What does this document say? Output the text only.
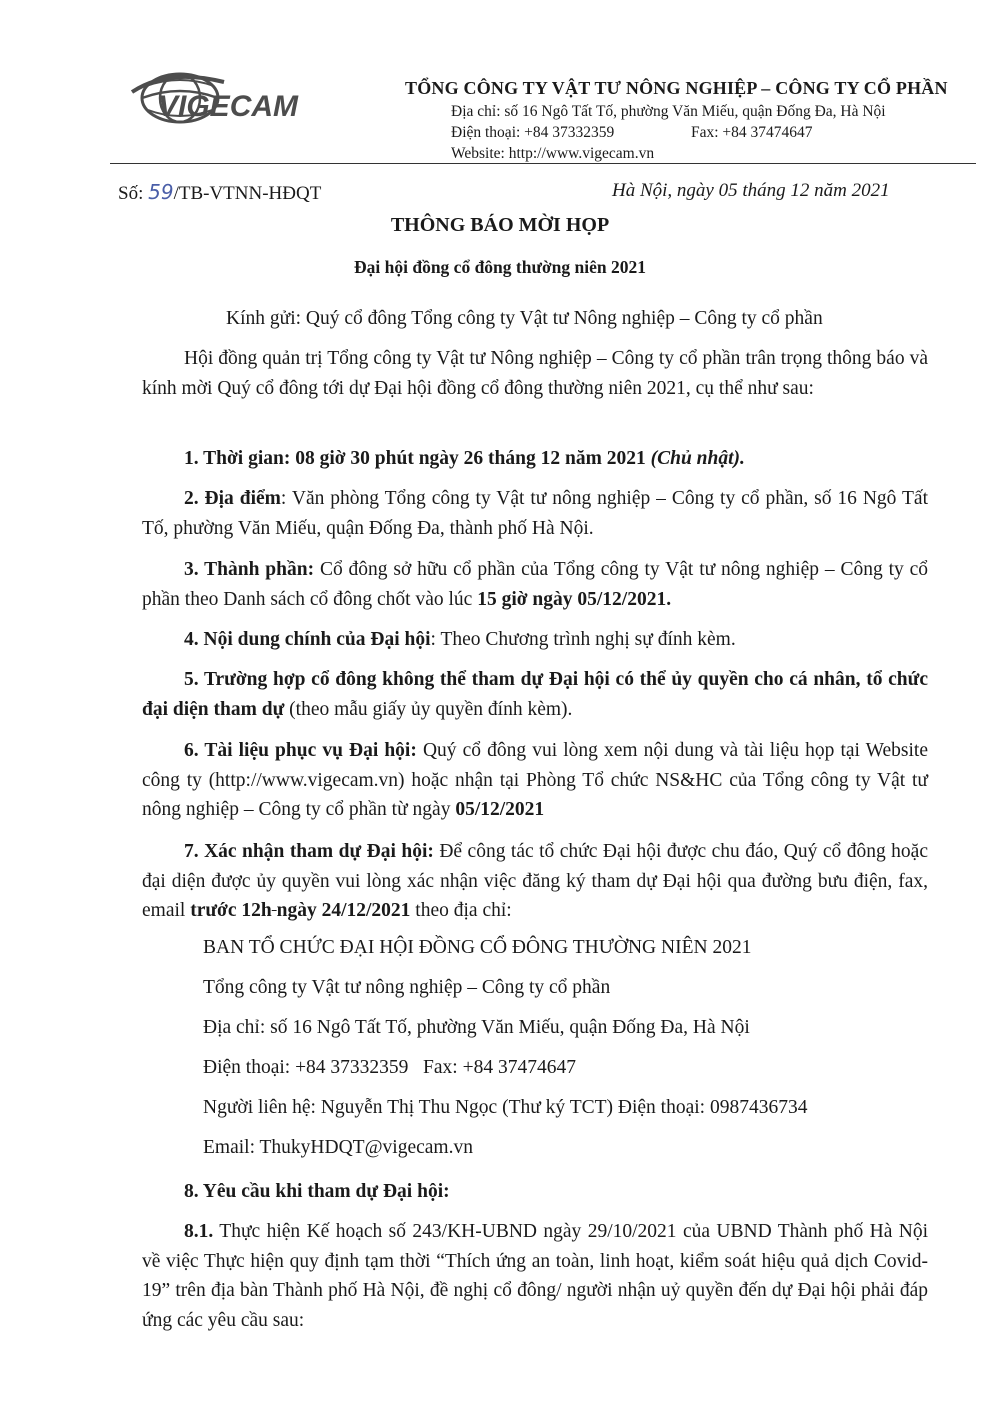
VIGECAM
TỔNG CÔNG TY VẬT TƯ NÔNG NGHIỆP – CÔNG TY CỔ PHẦN
Địa chỉ: số 16 Ngô Tất Tố, phường Văn Miếu, quận Đống Đa, Hà Nội
Điện thoại: +84 37332359	Fax: +84 37474647
Website: http://www.vigecam.vn
Số: 59/TB-VTNN-HĐQT	Hà Nội, ngày 05 tháng 12 năm 2021
THÔNG BÁO MỜI HỌP
Đại hội đồng cổ đông thường niên 2021
Kính gửi: Quý cổ đông Tổng công ty Vật tư Nông nghiệp – Công ty cổ phần
Hội đồng quản trị Tổng công ty Vật tư Nông nghiệp – Công ty cổ phần trân trọng thông báo và kính mời Quý cổ đông tới dự Đại hội đồng cổ đông thường niên 2021, cụ thể như sau:
1. Thời gian: 08 giờ 30 phút ngày 26 tháng 12 năm 2021 (Chủ nhật).
2. Địa điểm: Văn phòng Tổng công ty Vật tư nông nghiệp – Công ty cổ phần, số 16 Ngô Tất Tố, phường Văn Miếu, quận Đống Đa, thành phố Hà Nội.
3. Thành phần: Cổ đông sở hữu cổ phần của Tổng công ty Vật tư nông nghiệp – Công ty cổ phần theo Danh sách cổ đông chốt vào lúc 15 giờ ngày 05/12/2021.
4. Nội dung chính của Đại hội: Theo Chương trình nghị sự đính kèm.
5. Trường hợp cổ đông không thể tham dự Đại hội có thể ủy quyền cho cá nhân, tổ chức đại diện tham dự (theo mẫu giấy ủy quyền đính kèm).
6. Tài liệu phục vụ Đại hội: Quý cổ đông vui lòng xem nội dung và tài liệu họp tại Website công ty (http://www.vigecam.vn) hoặc nhận tại Phòng Tổ chức NS&HC của Tổng công ty Vật tư nông nghiệp – Công ty cổ phần từ ngày 05/12/2021
7. Xác nhận tham dự Đại hội: Để công tác tổ chức Đại hội được chu đáo, Quý cổ đông hoặc đại diện được ủy quyền vui lòng xác nhận việc đăng ký tham dự Đại hội qua đường bưu điện, fax, email trước 12h ngày 24/12/2021 theo địa chỉ:
BAN TỔ CHỨC ĐẠI HỘI ĐỒNG CỔ ĐÔNG THƯỜNG NIÊN 2021
Tổng công ty Vật tư nông nghiệp – Công ty cổ phần
Địa chỉ: số 16 Ngô Tất Tố, phường Văn Miếu, quận Đống Đa, Hà Nội
Điện thoại: +84 37332359   Fax: +84 37474647
Người liên hệ: Nguyễn Thị Thu Ngọc (Thư ký TCT) Điện thoại: 0987436734
Email: ThukyHDQT@vigecam.vn
8. Yêu cầu khi tham dự Đại hội:
8.1. Thực hiện Kế hoạch số 243/KH-UBND ngày 29/10/2021 của UBND Thành phố Hà Nội về việc Thực hiện quy định tạm thời “Thích ứng an toàn, linh hoạt, kiểm soát hiệu quả dịch Covid-19” trên địa bàn Thành phố Hà Nội, đề nghị cổ đông/ người nhận uỷ quyền đến dự Đại hội phải đáp ứng các yêu cầu sau:
